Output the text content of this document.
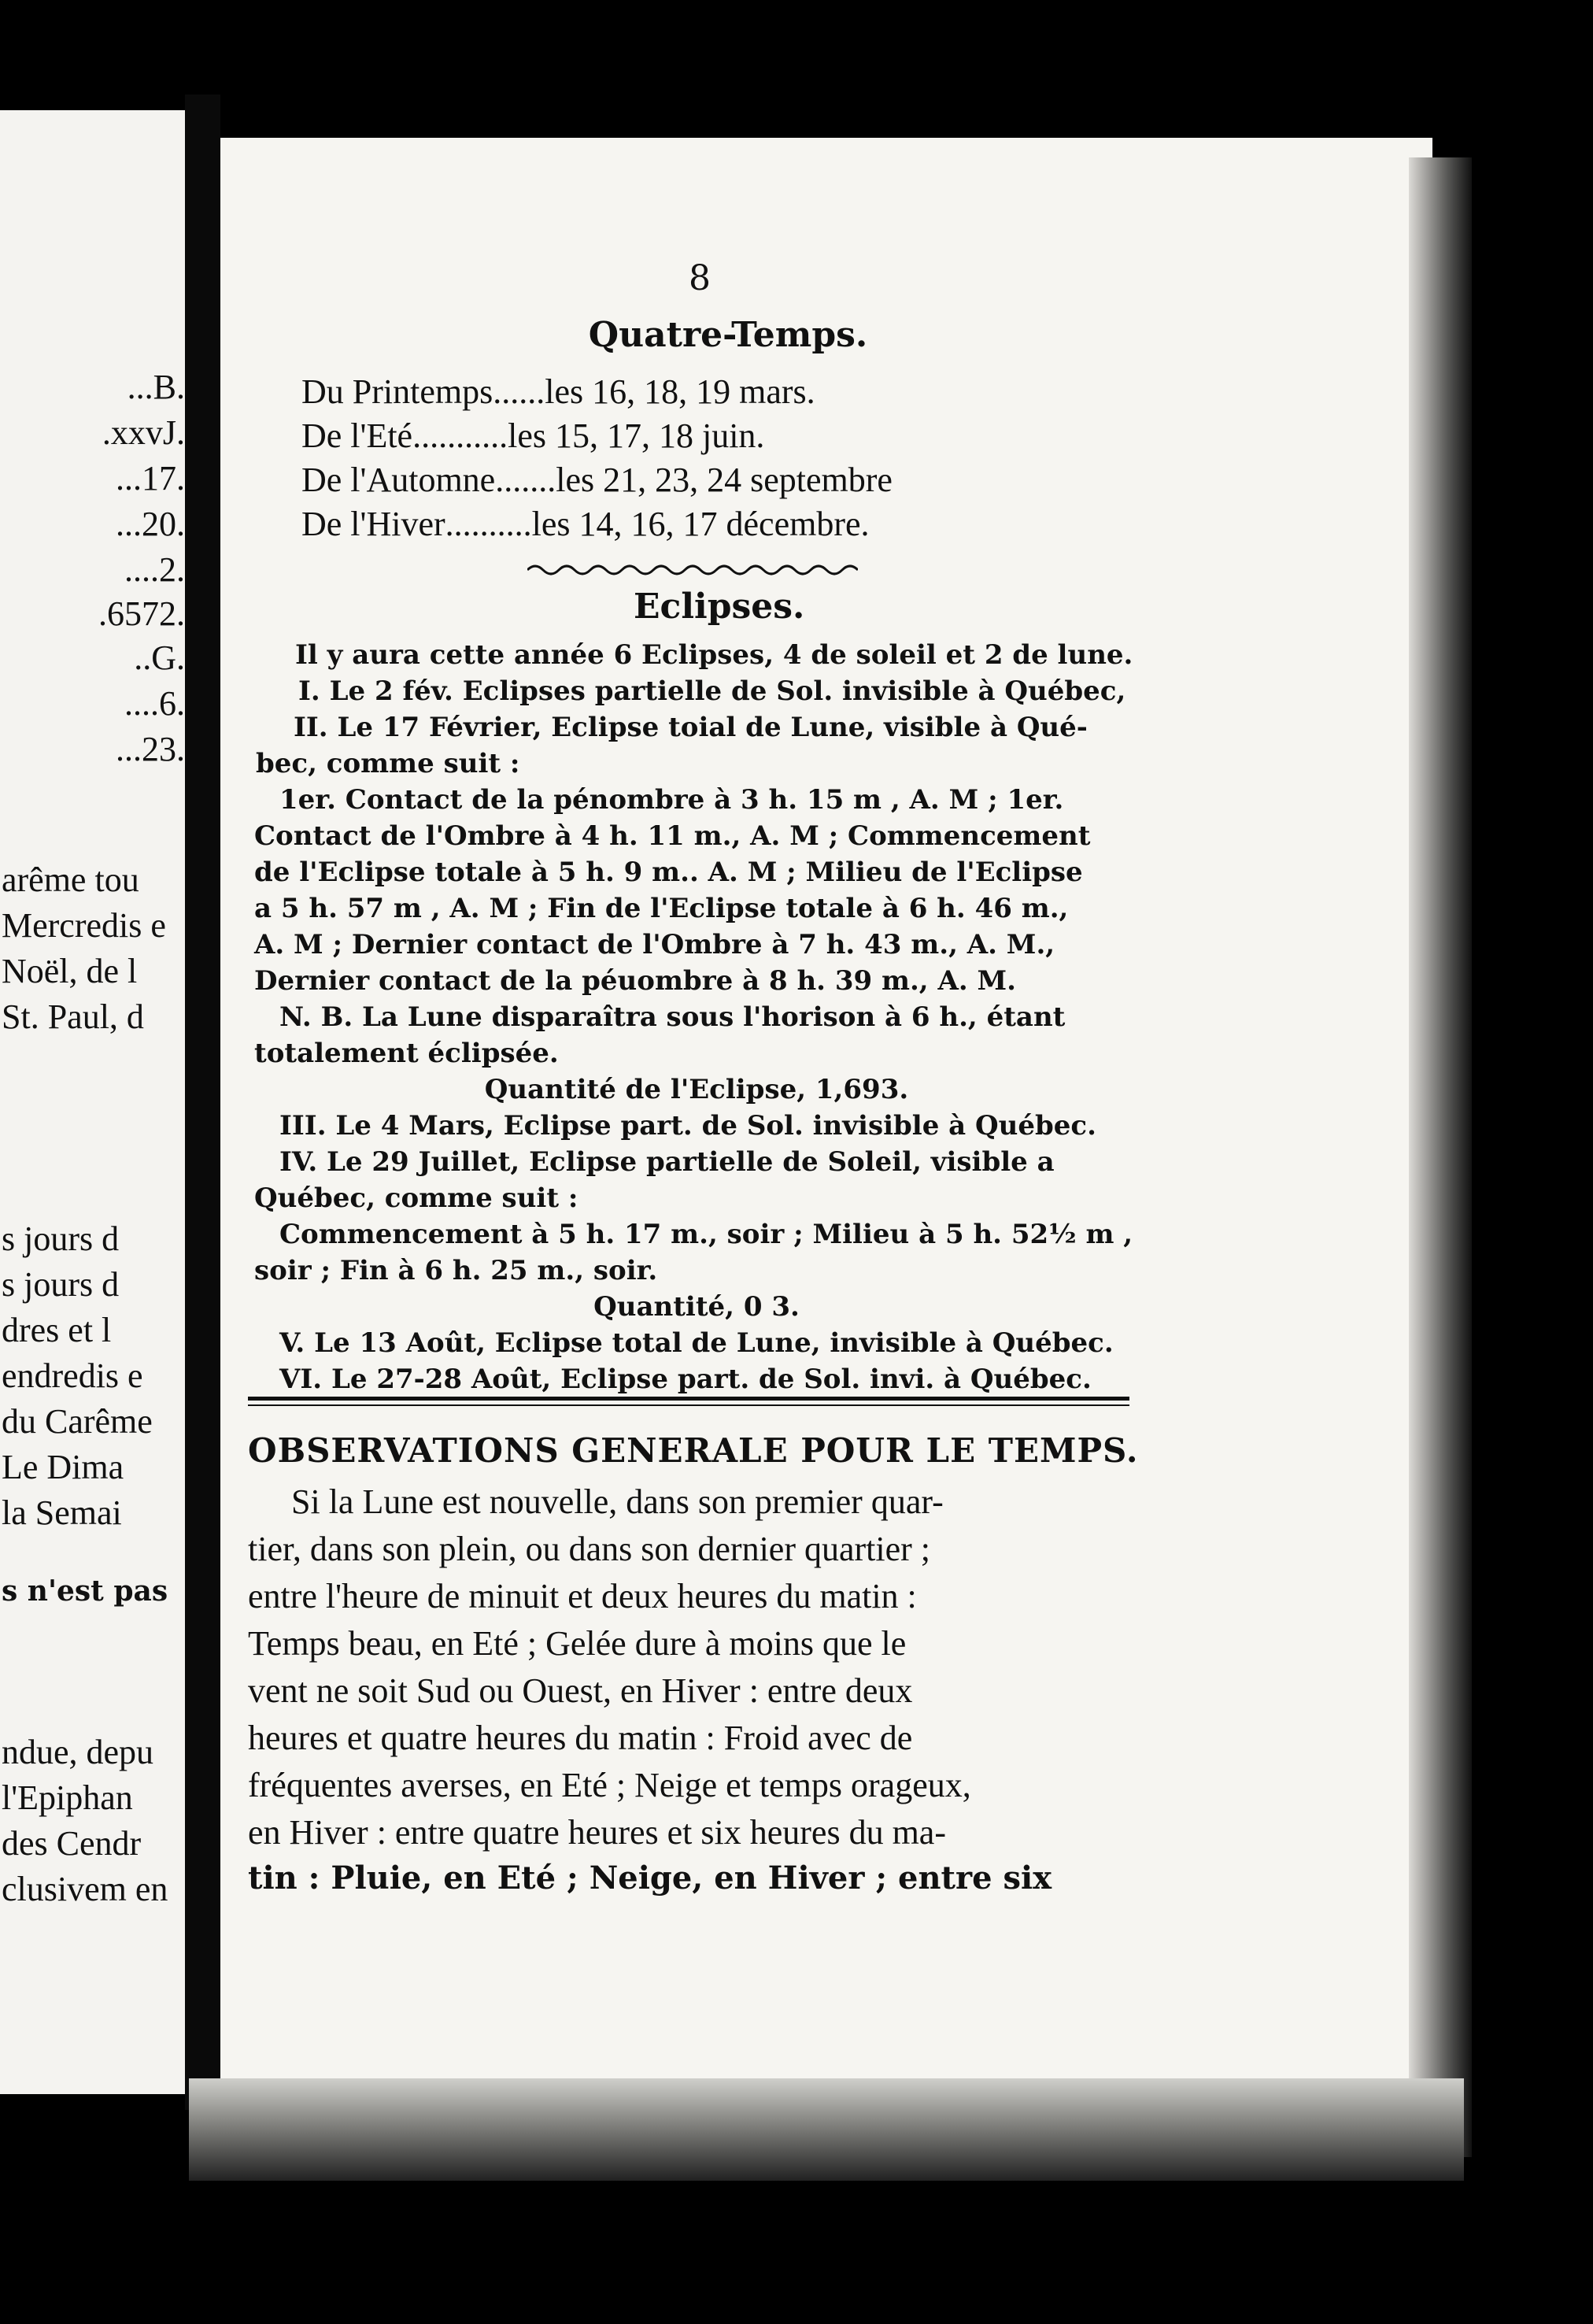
...B.
.xxvJ.
...17.
...20.
....2.
.6572.
..G.
....6.
...23.
arême tou
Mercredis e
Noël, de l
St. Paul, d
s jours d
s jours d
dres et l
endredis e
du Carême
Le Dima
la Semai
s n'est pas
ndue, depu
l'Epiphan
des Cendr
clusivem en
8
Quatre-Temps.
Du Printemps......les 16, 18, 19 mars.
De l'Eté...........les 15, 17, 18 juin.
De l'Automne.......les 21, 23, 24 septembre
De l'Hiver..........les 14, 16, 17 décembre.
Eclipses.
Il y aura cette année 6 Eclipses, 4 de soleil et 2 de lune.
I. Le 2 fév. Eclipses partielle de Sol. invisible à Québec,
II. Le 17 Février, Eclipse toial de Lune, visible à Qué-
bec, comme suit :
1er. Contact de la pénombre à 3 h. 15 m , A. M ; 1er.
Contact de l'Ombre à 4 h. 11 m., A. M ; Commencement
de l'Eclipse totale à 5 h. 9 m.. A. M ; Milieu de l'Eclipse
a 5 h. 57 m , A. M ; Fin de l'Eclipse totale à 6 h. 46 m.,
A. M ; Dernier contact de l'Ombre à 7 h. 43 m., A. M.,
Dernier contact de la péuombre à 8 h. 39 m., A. M.
N. B. La Lune disparaîtra sous l'horison à 6 h., étant
totalement éclipsée.
Quantité de l'Eclipse, 1,693.
III. Le 4 Mars, Eclipse part. de Sol. invisible à Québec.
IV. Le 29 Juillet, Eclipse partielle de Soleil, visible a
Québec, comme suit :
Commencement à 5 h. 17 m., soir ; Milieu à 5 h. 52½ m ,
soir ; Fin à 6 h. 25 m., soir.
Quantité, 0 3.
V. Le 13 Août, Eclipse total de Lune, invisible à Québec.
VI. Le 27-28 Août, Eclipse part. de Sol. invi. à Québec.
OBSERVATIONS GENERALE POUR LE TEMPS.
Si la Lune est nouvelle, dans son premier quar-
tier, dans son plein, ou dans son dernier quartier ;
entre l'heure de minuit et deux heures du matin :
Temps beau, en Eté ; Gelée dure à moins que le
vent ne soit Sud ou Ouest, en Hiver : entre deux
heures et quatre heures du matin : Froid avec de
fréquentes averses, en Eté ; Neige et temps orageux,
en Hiver : entre quatre heures et six heures du ma-
tin : Pluie, en Eté ; Neige, en Hiver ; entre six
